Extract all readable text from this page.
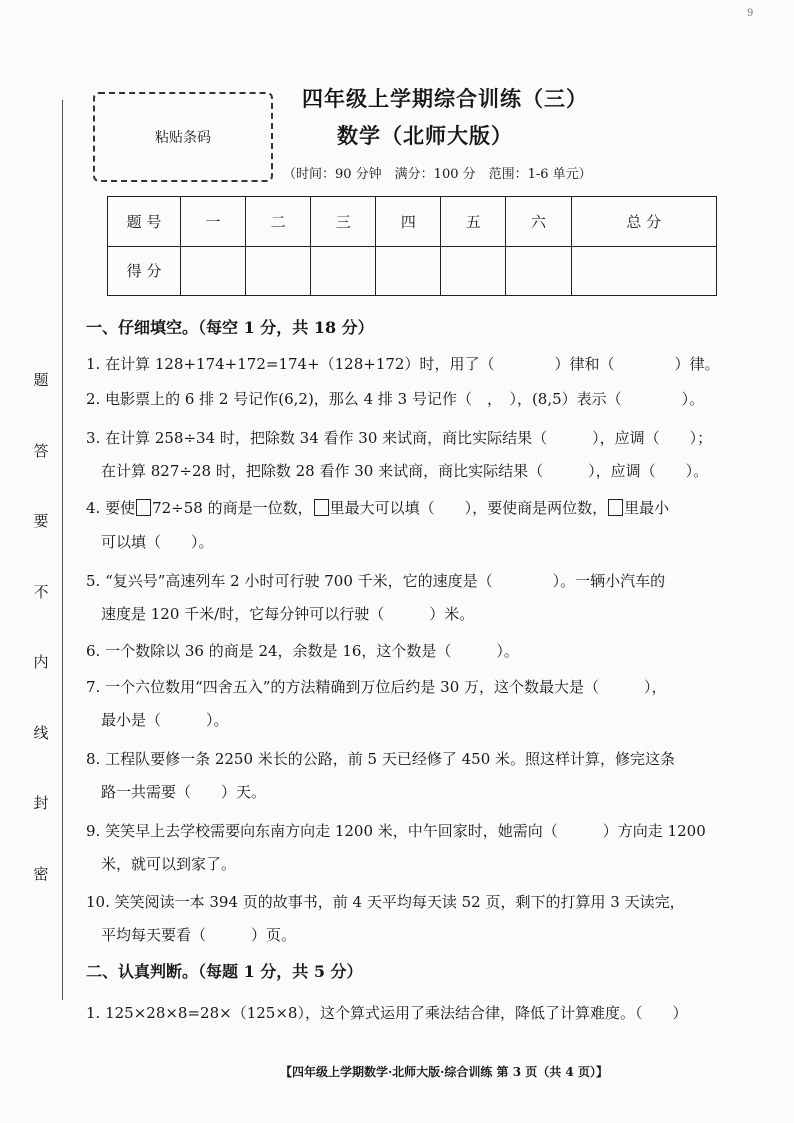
9
题
答
要
不
内
线
封
密
粘贴条码
四年级上学期综合训练（三）
数学（北师大版）
（时间：90 分钟　满分：100 分　范围：1-6 单元）
题 号	一	二	三	四	五	六	总 分
得 分							
一、仔细填空。（每空 1 分，共 18 分）
1. 在计算 128+174+172=174+（128+172）时，用了（　　　　）律和（　　　　）律。
2. 电影票上的 6 排 2 号记作(6,2)，那么 4 排 3 号记作（　，　），(8,5）表示（　　　　）。
3. 在计算 258÷34 时，把除数 34 看作 30 来试商，商比实际结果（　　　），应调（　　）；
在计算 827÷28 时，把除数 28 看作 30 来试商，商比实际结果（　　　），应调（　　）。
4. 要使 72÷58 的商是一位数， 里最大可以填（　　），要使商是两位数， 里最小
可以填（　　）。
5. “复兴号”高速列车 2 小时可行驶 700 千米，它的速度是（　　　　）。一辆小汽车的
速度是 120 千米/时，它每分钟可以行驶（　　　）米。
6. 一个数除以 36 的商是 24，余数是 16，这个数是（　　　）。
7. 一个六位数用“四舍五入”的方法精确到万位后约是 30 万，这个数最大是（　　　），
最小是（　　　）。
8. 工程队要修一条 2250 米长的公路，前 5 天已经修了 450 米。照这样计算，修完这条
路一共需要（　　）天。
9. 笑笑早上去学校需要向东南方向走 1200 米，中午回家时，她需向（　　　）方向走 1200
米，就可以到家了。
10. 笑笑阅读一本 394 页的故事书，前 4 天平均每天读 52 页，剩下的打算用 3 天读完，
平均每天要看（　　　）页。
二、认真判断。（每题 1 分，共 5 分）
1. 125×28×8=28×（125×8），这个算式运用了乘法结合律，降低了计算难度。（　　）
【四年级上学期数学·北师大版·综合训练 第 3 页（共 4 页）】
